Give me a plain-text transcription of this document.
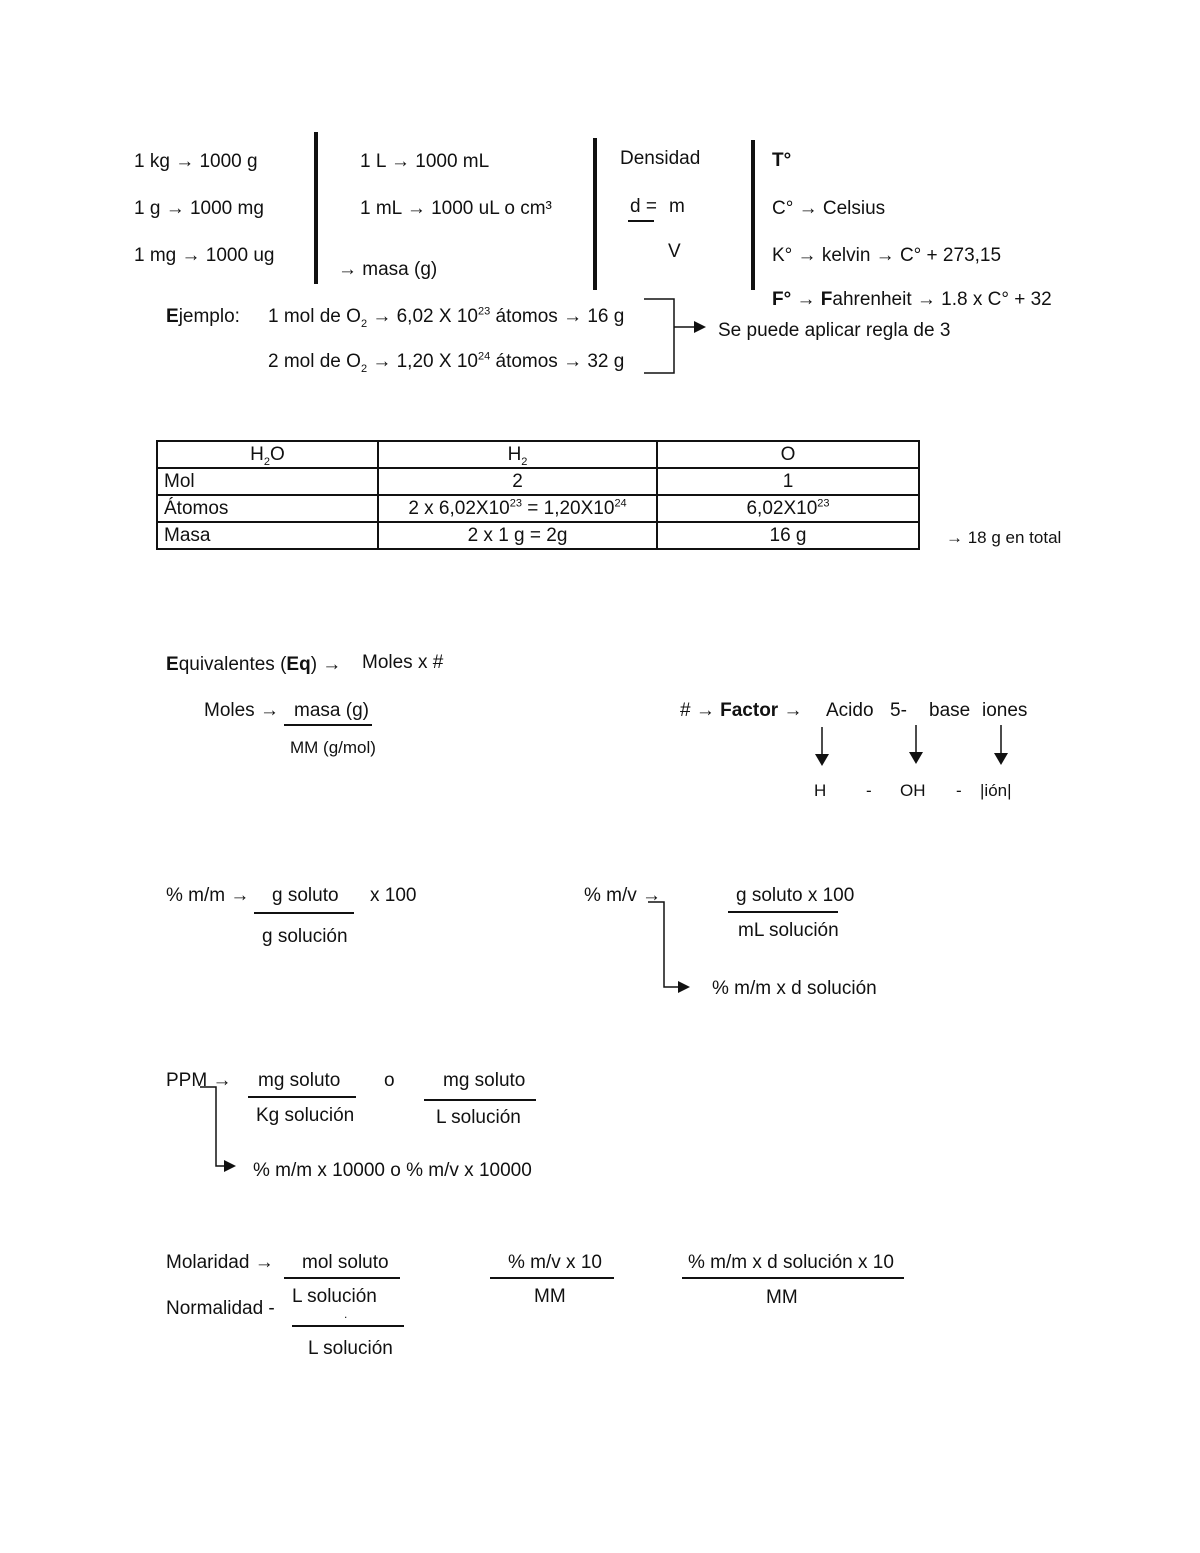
1 kg → 1000 g
1 g → 1000 mg
1 mg → 1000 ug
1 L → 1000 mL
1 mL → 1000 uL o cm³
→ masa (g)
Densidad
d = m
V
T°
C° → Celsius
K° → kelvin → C° + 273,15
F° → Fahrenheit → 1.8 x C° + 32
Ejemplo: 1 mol de $O_2 \to 6,02$ X $10^{23}$ átomos → 16 g
2 mol de $O_2 \to 1,20$ X $10^{24}$ átomos → 32 g
Se puede aplicar regla de 3
$H_2O$	$H_2$	O
Mol	2	1
Átomos	2 x $6,02X10^{23} = 1,20X10^{24}$	$6,02X10^{23}$
Masa	2 x 1 g = 2g	16 g	→ 18 g en total
Equivalentes (Eq) → Moles x #
Moles → masa (g)
MM (g/mol)
# → Factor → Acido 5- base iones
H - OH - |ión|
% m/m → g soluto
g solución
x 100	% m/v →	g soluto x 100
mL solución
% m/m x d solución
PPM → mg soluto
Kg solución
o	mg soluto
L solución
% m/m x 10000 o % m/v x 10000
Molaridad → mol soluto
L solución
% m/v x 10
MM
% m/m x d solución x 10
MM
Normalidad -	.
L solución
